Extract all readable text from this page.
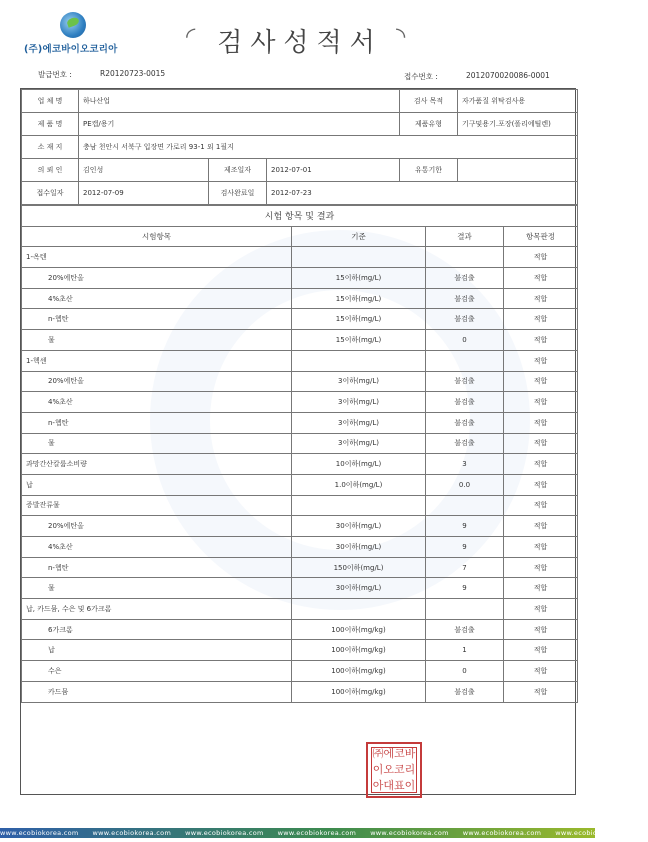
(주)에코바이오코리아	◜ 검사성적서 ◝
발급번호 :	R20120723-0015	접수번호 :	2012070020086-0001
업 체 명	하나산업			검사 목적	자가품질 위탁검사용
제 품 명	PE캡/용기			제품유형	기구및용기.포장(폴리에틸렌)
소 재 지	충남 천안시 서북구 입장면 가로리 93-1 외 1필지				
의 뢰 인	김인성	제조일자	2012-07-01	유통기한	
접수일자	2012-07-09	검사완료일	2012-07-23		
시험 항목 및 결과			
시험항목	기준	결과	항목판정
1-옥텐			적합
20%에탄올	15이하(mg/L)	불검출	적합
4%초산	15이하(mg/L)	불검출	적합
n-헵탄	15이하(mg/L)	불검출	적합
물	15이하(mg/L)	0	적합
1-헥센			적합
20%에탄올	3이하(mg/L)	불검출	적합
4%초산	3이하(mg/L)	불검출	적합
n-헵탄	3이하(mg/L)	불검출	적합
물	3이하(mg/L)	불검출	적합
과망간산칼륨소비량	10이하(mg/L)	3	적합
납	1.0이하(mg/L)	0.0	적합
증발잔류물			적합
20%에탄올	30이하(mg/L)	9	적합
4%초산	30이하(mg/L)	9	적합
n-헵탄	150이하(mg/L)	7	적합
물	30이하(mg/L)	9	적합
납, 카드뮴, 수은 및 6가크롬			적합
6가크롬	100이하(mg/kg)	불검출	적합
납	100이하(mg/kg)	1	적합
수은	100이하(mg/kg)	0	적합
카드뮴	100이하(mg/kg)	불검출	적합
㈜에코바
이오코리
아대표이
www.ecobiokorea.com www.ecobiokorea.com www.ecobiokorea.com www.ecobiokorea.com www.ecobiokorea.com www.ecobiokorea.com www.ecobiokorea.com
